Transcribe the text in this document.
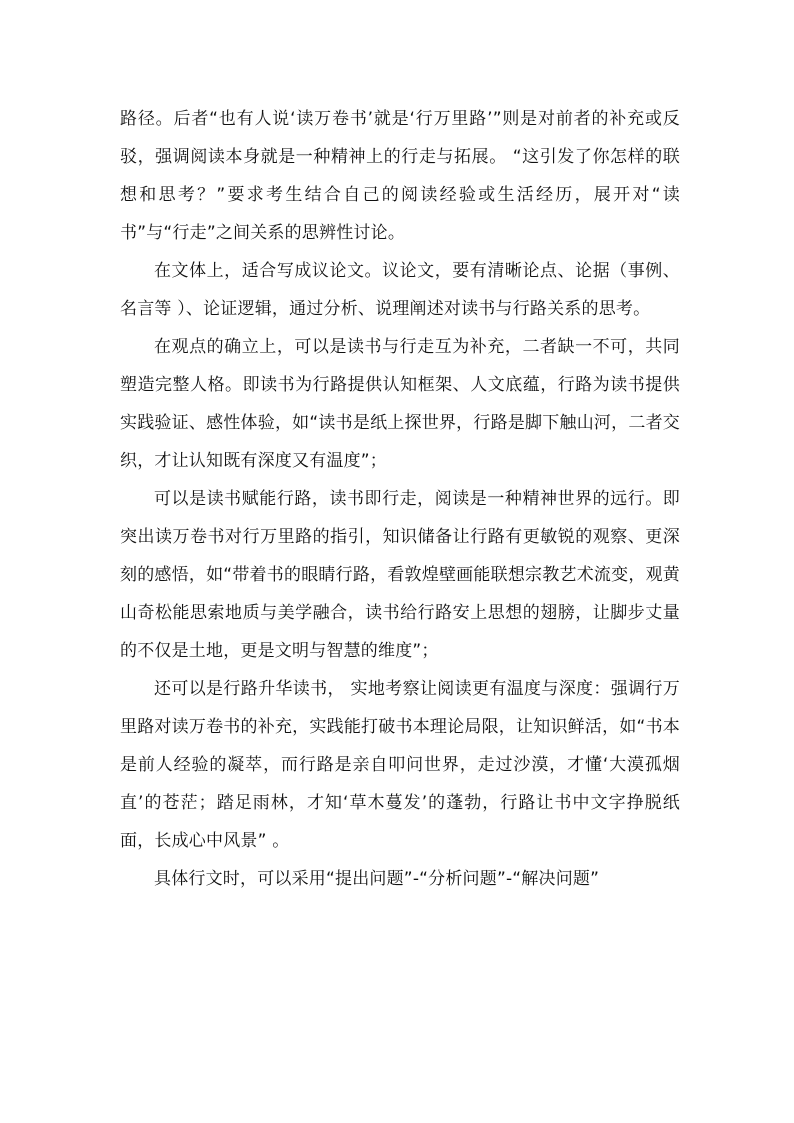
路径。后者“也有人说‘读万卷书’就是‘行万里路’”则是对前者的补充或反驳，强调阅读本身就是一种精神上的行走与拓展。 “这引发了你怎样的联想和思考？”要求考生结合自己的阅读经验或生活经历，展开对“读书”与“行走”之间关系的思辨性讨论。

在文体上，适合写成议论文。议论文，要有清晰论点、论据（事例、名言等 ）、论证逻辑，通过分析、说理阐述对读书与行路关系的思考。

在观点的确立上，可以是读书与行走互为补充，二者缺一不可，共同塑造完整人格。即读书为行路提供认知框架、人文底蕴，行路为读书提供实践验证、感性体验，如“读书是纸上探世界，行路是脚下触山河，二者交织，才让认知既有深度又有温度”；

可以是读书赋能行路，读书即行走，阅读是一种精神世界的远行。即突出读万卷书对行万里路的指引，知识储备让行路有更敏锐的观察、更深刻的感悟，如“带着书的眼睛行路，看敦煌壁画能联想宗教艺术流变，观黄山奇松能思索地质与美学融合，读书给行路安上思想的翅膀，让脚步丈量的不仅是土地，更是文明与智慧的维度”；

还可以是行路升华读书， 实地考察让阅读更有温度与深度：强调行万里路对读万卷书的补充，实践能打破书本理论局限，让知识鲜活，如“书本是前人经验的凝萃，而行路是亲自叩问世界，走过沙漠，才懂‘大漠孤烟直’的苍茫；踏足雨林，才知‘草木蔓发’的蓬勃，行路让书中文字挣脱纸面，长成心中风景” 。

具体行文时，可以采用“提出问题”-“分析问题”-“解决问题”
